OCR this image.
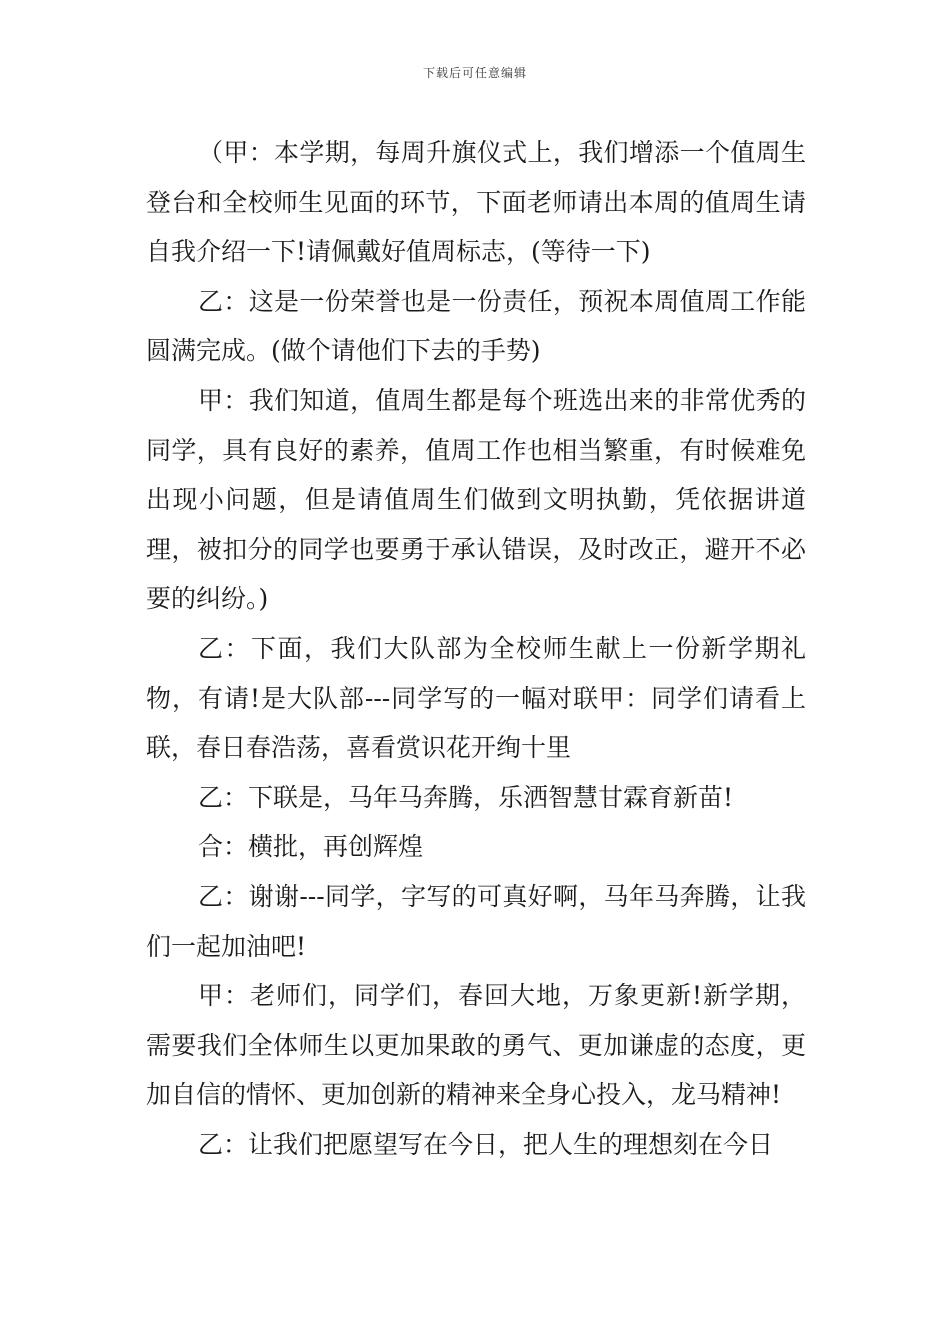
下载后可任意编辑

（甲：本学期，每周升旗仪式上，我们增添一个值周生登台和全校师生见面的环节，下面老师请出本周的值周生请自我介绍一下!请佩戴好值周标志，(等待一下)

乙：这是一份荣誉也是一份责任，预祝本周值周工作能圆满完成。(做个请他们下去的手势)

甲：我们知道，值周生都是每个班选出来的非常优秀的同学，具有良好的素养，值周工作也相当繁重，有时候难免出现小问题，但是请值周生们做到文明执勤，凭依据讲道理，被扣分的同学也要勇于承认错误，及时改正，避开不必要的纠纷。)

乙：下面，我们大队部为全校师生献上一份新学期礼物，有请!是大队部---同学写的一幅对联甲：同学们请看上联，春日春浩荡，喜看赏识花开绚十里

乙：下联是，马年马奔腾，乐洒智慧甘霖育新苗!

合：横批，再创辉煌

乙：谢谢---同学，字写的可真好啊，马年马奔腾，让我们一起加油吧!

甲：老师们，同学们，春回大地，万象更新!新学期，需要我们全体师生以更加果敢的勇气、更加谦虚的态度，更加自信的情怀、更加创新的精神来全身心投入，龙马精神!

乙：让我们把愿望写在今日，把人生的理想刻在今日
